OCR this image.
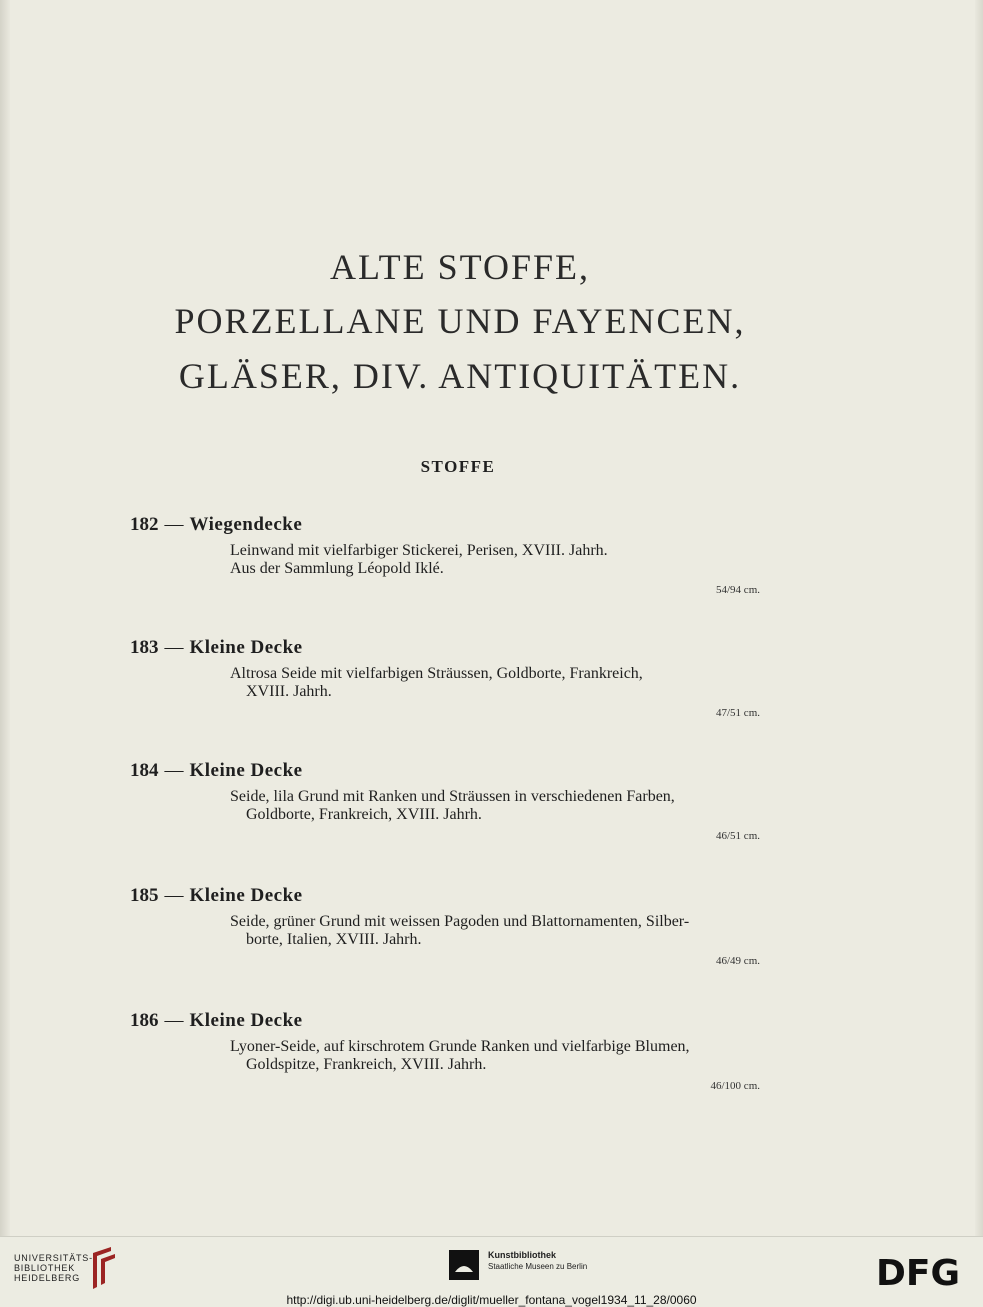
ALTE STOFFE,
PORZELLANE UND FAYENCEN,
GLÄSER, DIV. ANTIQUITÄTEN.
STOFFE
182 — Wiegendecke
Leinwand mit vielfarbiger Stickerei, Perisen, XVIII. Jahrh.
Aus der Sammlung Léopold Iklé.
54/94 cm.
183 — Kleine Decke
Altrosa Seide mit vielfarbigen Sträussen, Goldborte, Frankreich,
XVIII. Jahrh.
47/51 cm.
184 — Kleine Decke
Seide, lila Grund mit Ranken und Sträussen in verschiedenen Farben,
Goldborte, Frankreich, XVIII. Jahrh.
46/51 cm.
185 — Kleine Decke
Seide, grüner Grund mit weissen Pagoden und Blattornamenten, Silber-
borte, Italien, XVIII. Jahrh.
46/49 cm.
186 — Kleine Decke
Lyoner-Seide, auf kirschrotem Grunde Ranken und vielfarbige Blumen,
Goldspitze, Frankreich, XVIII. Jahrh.
46/100 cm.
UNIVERSITÄTS-
BIBLIOTHEK
HEIDELBERG
Kunstbibliothek
Staatliche Museen zu Berlin	DFG
http://digi.ub.uni-heidelberg.de/diglit/mueller_fontana_vogel1934_11_28/0060
